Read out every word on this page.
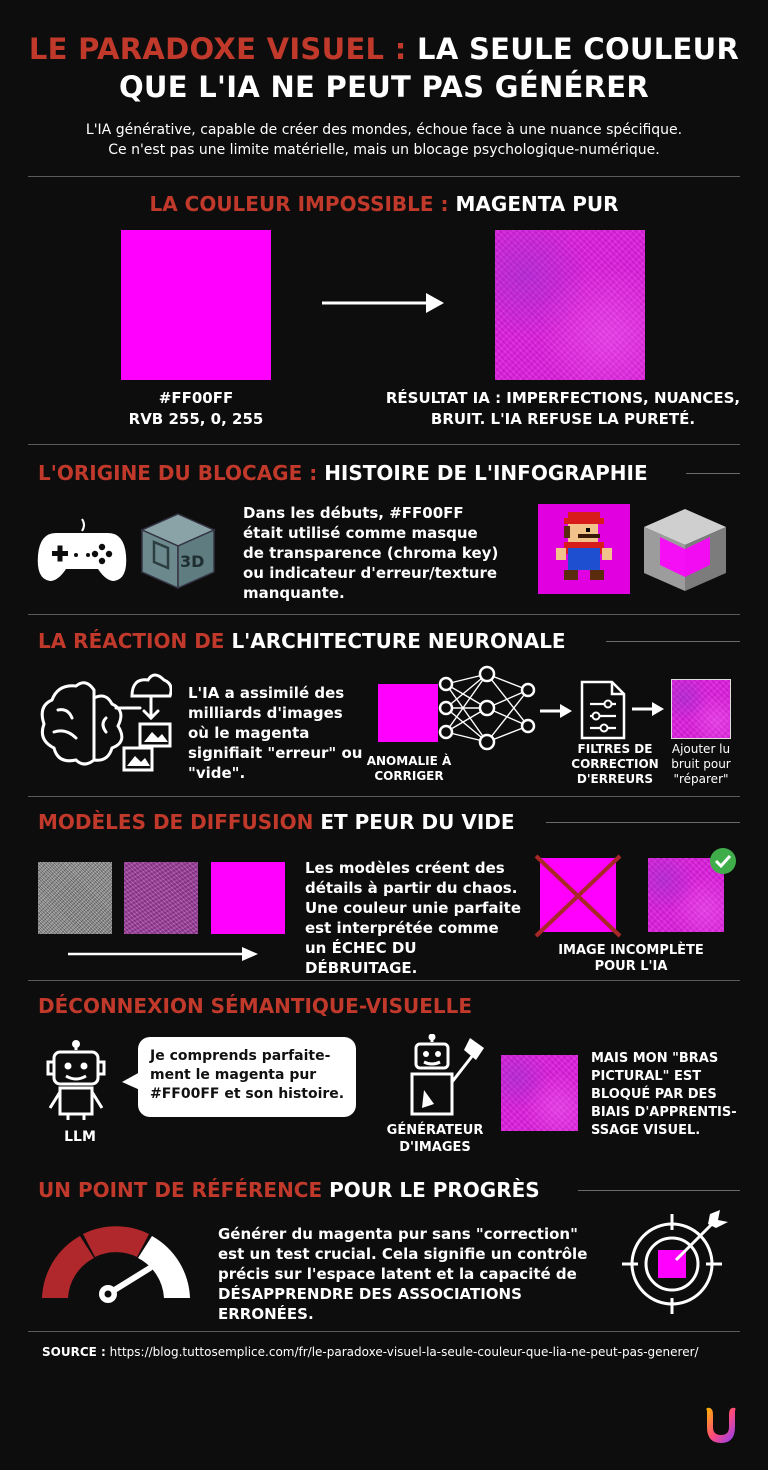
LE PARADOXE VISUEL : LA SEULE COULEUR
QUE L'IA NE PEUT PAS GÉNÉRER
L'IA générative, capable de créer des mondes, échoue face à une nuance spécifique.
Ce n'est pas une limite matérielle, mais un blocage psychologique-numérique.
LA COULEUR IMPOSSIBLE : MAGENTA PUR
#FF00FF
RVB 255, 0, 255
RÉSULTAT IA : IMPERFECTIONS, NUANCES,
BRUIT. L'IA REFUSE LA PURETÉ.
L'ORIGINE DU BLOCAGE : HISTOIRE DE L'INFOGRAPHIE
3D
Dans les débuts, #FF00FF était utilisé comme masque de transparence (chroma key) ou indicateur d'erreur/texture manquante.
LA RÉACTION DE L'ARCHITECTURE NEURONALE
L'IA a assimilé des milliards d'images où le magenta signifiait "erreur" ou "vide".
ANOMALIE À CORRIGER
FILTRES DE CORRECTION D'ERREURS
Ajouter lu bruit pour "réparer"
MODÈLES DE DIFFUSION ET PEUR DU VIDE
Les modèles créent des détails à partir du chaos. Une couleur unie parfaite est interprétée comme un ÉCHEC DU DÉBRUITAGE.
IMAGE INCOMPLÈTE POUR L'IA
DÉCONNEXION SÉMANTIQUE-VISUELLE
LLM
Je comprends parfaite-ment le magenta pur #FF00FF et son histoire.
GÉNÉRATEUR D'IMAGES
MAIS MON "BRAS PICTURAL" EST BLOQUÉ PAR DES BIAIS D'APPRENTIS-SSAGE VISUEL.
UN POINT DE RÉFÉRENCE POUR LE PROGRÈS
Générer du magenta pur sans "correction" est un test crucial. Cela signifie un contrôle précis sur l'espace latent et la capacité de DÉSAPPRENDRE DES ASSOCIATIONS ERRONÉES.
SOURCE : https://blog.tuttosemplice.com/fr/le-paradoxe-visuel-la-seule-couleur-que-lia-ne-peut-pas-generer/
